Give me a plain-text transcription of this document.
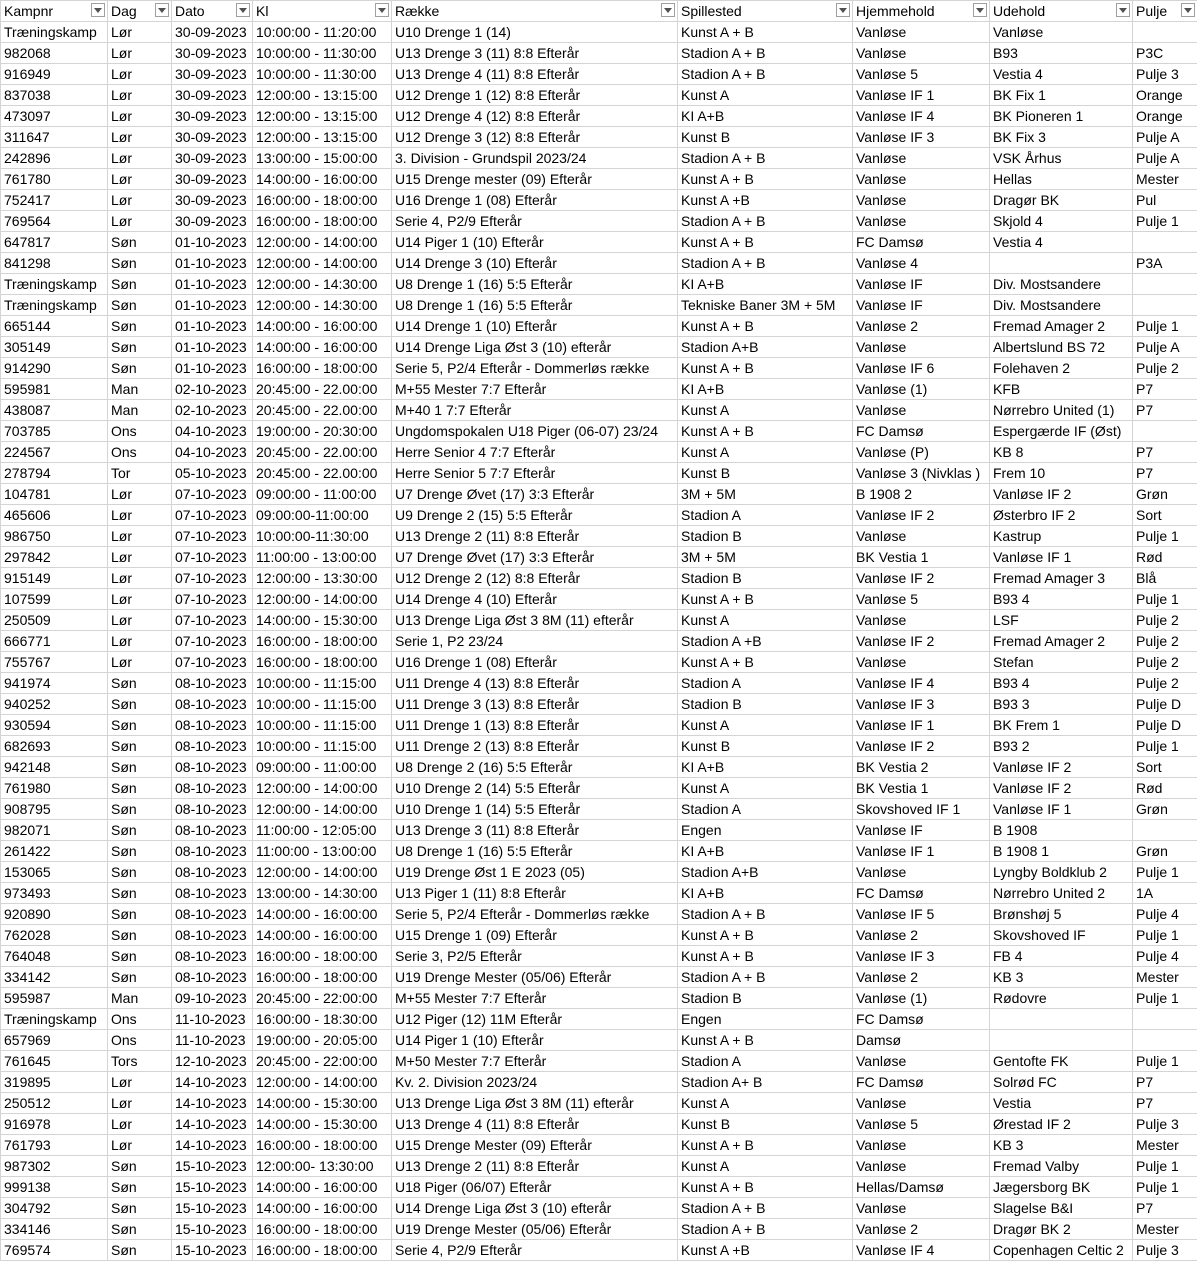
Kampnr	Dag	Dato	Kl	Række	Spillested	Hjemmehold	Udehold	Pulje

Træningskamp	Lør	30-09-2023	10:00:00 - 11:20:00	U10 Drenge 1 (14)	Kunst A + B	Vanløse	Vanløse	
982068	Lør	30-09-2023	10:00:00 - 11:30:00	U13 Drenge 3 (11) 8:8 Efterår	Stadion A + B	Vanløse	B93	P3C
916949	Lør	30-09-2023	10:00:00 - 11:30:00	U13 Drenge 4 (11) 8:8 Efterår	Stadion A + B	Vanløse 5	Vestia 4	Pulje 3
837038	Lør	30-09-2023	12:00:00 - 13:15:00	U12 Drenge 1 (12) 8:8 Efterår	Kunst A	Vanløse IF 1	BK Fix 1	Orange
473097	Lør	30-09-2023	12:00:00 - 13:15:00	U12 Drenge 4 (12) 8:8 Efterår	KI A+B	Vanløse IF 4	BK Pioneren 1	Orange
311647	Lør	30-09-2023	12:00:00 - 13:15:00	U12 Drenge 3 (12) 8:8 Efterår	Kunst B	Vanløse IF 3	BK Fix 3	Pulje A
242896	Lør	30-09-2023	13:00:00 - 15:00:00	3. Division - Grundspil 2023/24	Stadion A + B	Vanløse	VSK Århus	Pulje A
761780	Lør	30-09-2023	14:00:00 - 16:00:00	U15 Drenge mester (09) Efterår	Kunst A + B	Vanløse	Hellas	Mester
752417	Lør	30-09-2023	16:00:00 - 18:00:00	U16 Drenge 1 (08) Efterår	Kunst A +B	Vanløse	Dragør BK	Pul
769564	Lør	30-09-2023	16:00:00 - 18:00:00	Serie 4, P2/9 Efterår	Stadion A + B	Vanløse	Skjold 4	Pulje 1
647817	Søn	01-10-2023	12:00:00 - 14:00:00	U14 Piger 1 (10) Efterår	Kunst A + B	FC Damsø	Vestia 4	
841298	Søn	01-10-2023	12:00:00 - 14:00:00	U14 Drenge 3 (10) Efterår	Stadion A + B	Vanløse 4		P3A
Træningskamp	Søn	01-10-2023	12:00:00 - 14:30:00	U8 Drenge 1 (16) 5:5 Efterår	KI A+B	Vanløse IF	Div. Mostsandere	
Træningskamp	Søn	01-10-2023	12:00:00 - 14:30:00	U8 Drenge 1 (16) 5:5 Efterår	Tekniske Baner 3M + 5M	Vanløse IF	Div. Mostsandere	
665144	Søn	01-10-2023	14:00:00 - 16:00:00	U14 Drenge 1 (10) Efterår	Kunst A + B	Vanløse 2	Fremad Amager 2	Pulje 1
305149	Søn	01-10-2023	14:00:00 - 16:00:00	U14 Drenge Liga Øst 3 (10) efterår	Stadion A+B	Vanløse	Albertslund BS 72	Pulje A
914290	Søn	01-10-2023	16:00:00 - 18:00:00	Serie 5, P2/4 Efterår - Dommerløs række	Kunst A + B	Vanløse IF 6	Folehaven 2	Pulje 2
595981	Man	02-10-2023	20:45:00 - 22.00:00	M+55 Mester 7:7 Efterår	KI A+B	Vanløse (1)	KFB	P7
438087	Man	02-10-2023	20:45:00 - 22.00:00	M+40 1 7:7 Efterår	Kunst A	Vanløse	Nørrebro United (1)	P7
703785	Ons	04-10-2023	19:00:00 - 20:30:00	Ungdomspokalen U18 Piger (06-07) 23/24	Kunst A + B	FC Damsø	Espergærde IF (Øst)	
224567	Ons	04-10-2023	20:45:00 - 22.00:00	Herre Senior 4 7:7 Efterår	Kunst A	Vanløse (P)	KB 8	P7
278794	Tor	05-10-2023	20:45:00 - 22.00:00	Herre Senior 5 7:7 Efterår	Kunst B	Vanløse 3 (Nivklas )	Frem 10	P7
104781	Lør	07-10-2023	09:00:00 - 11:00:00	U7 Drenge Øvet (17) 3:3 Efterår	3M + 5M	B 1908 2	Vanløse IF 2	Grøn
465606	Lør	07-10-2023	09:00:00-11:00:00	U9 Drenge 2 (15) 5:5 Efterår	Stadion A	Vanløse IF 2	Østerbro IF 2	Sort
986750	Lør	07-10-2023	10:00:00-11:30:00	U13 Drenge 2 (11) 8:8 Efterår	Stadion B	Vanløse	Kastrup	Pulje 1
297842	Lør	07-10-2023	11:00:00 - 13:00:00	U7 Drenge Øvet (17) 3:3 Efterår	3M + 5M	BK Vestia 1	Vanløse IF 1	Rød
915149	Lør	07-10-2023	12:00:00 - 13:30:00	U12 Drenge 2 (12) 8:8 Efterår	Stadion B	Vanløse IF 2	Fremad Amager 3	Blå
107599	Lør	07-10-2023	12:00:00 - 14:00:00	U14 Drenge 4 (10) Efterår	Kunst A + B	Vanløse 5	B93 4	Pulje 1
250509	Lør	07-10-2023	14:00:00 - 15:30:00	U13 Drenge Liga Øst 3 8M (11) efterår	Kunst A	Vanløse	LSF	Pulje 2
666771	Lør	07-10-2023	16:00:00 - 18:00:00	Serie 1, P2 23/24	Stadion A +B	Vanløse IF 2	Fremad Amager 2	Pulje 2
755767	Lør	07-10-2023	16:00:00 - 18:00:00	U16 Drenge 1 (08) Efterår	Kunst A + B	Vanløse	Stefan	Pulje 2
941974	Søn	08-10-2023	10:00:00 - 11:15:00	U11 Drenge 4 (13) 8:8 Efterår	Stadion A	Vanløse IF 4	B93 4	Pulje 2
940252	Søn	08-10-2023	10:00:00 - 11:15:00	U11 Drenge 3 (13) 8:8 Efterår	Stadion B	Vanløse IF 3	B93 3	Pulje D
930594	Søn	08-10-2023	10:00:00 - 11:15:00	U11 Drenge 1 (13) 8:8 Efterår	Kunst A	Vanløse IF 1	BK Frem 1	Pulje D
682693	Søn	08-10-2023	10:00:00 - 11:15:00	U11 Drenge 2 (13) 8:8 Efterår	Kunst B	Vanløse IF 2	B93 2	Pulje 1
942148	Søn	08-10-2023	09:00:00 - 11:00:00	U8 Drenge 2 (16) 5:5 Efterår	KI A+B	BK Vestia 2	Vanløse IF 2	Sort
761980	Søn	08-10-2023	12:00:00 - 14:00:00	U10 Drenge 2 (14) 5:5 Efterår	Kunst A	BK Vestia 1	Vanløse IF 2	Rød
908795	Søn	08-10-2023	12:00:00 - 14:00:00	U10 Drenge 1 (14) 5:5 Efterår	Stadion A	Skovshoved IF 1	Vanløse IF 1	Grøn
982071	Søn	08-10-2023	11:00:00 - 12:05:00	U13 Drenge 3 (11) 8:8 Efterår	Engen	Vanløse IF	B 1908	
261422	Søn	08-10-2023	11:00:00 - 13:00:00	U8 Drenge 1 (16) 5:5 Efterår	KI A+B	Vanløse IF 1	B 1908 1	Grøn
153065	Søn	08-10-2023	12:00:00 - 14:00:00	U19 Drenge Øst 1 E 2023 (05)	Stadion A+B	Vanløse	Lyngby Boldklub 2	Pulje 1
973493	Søn	08-10-2023	13:00:00 - 14:30:00	U13 Piger 1 (11) 8:8 Efterår	KI A+B	FC Damsø	Nørrebro United 2	1A
920890	Søn	08-10-2023	14:00:00 - 16:00:00	Serie 5, P2/4 Efterår - Dommerløs række	Stadion A + B	Vanløse IF 5	Brønshøj 5	Pulje 4
762028	Søn	08-10-2023	14:00:00 - 16:00:00	U15 Drenge 1 (09) Efterår	Kunst A + B	Vanløse 2	Skovshoved IF	Pulje 1
764048	Søn	08-10-2023	16:00:00 - 18:00:00	Serie 3, P2/5 Efterår	Kunst A + B	Vanløse IF 3	FB 4	Pulje 4
334142	Søn	08-10-2023	16:00:00 - 18:00:00	U19 Drenge Mester (05/06) Efterår	Stadion A + B	Vanløse 2	KB 3	Mester
595987	Man	09-10-2023	20:45:00 - 22:00:00	M+55 Mester 7:7 Efterår	Stadion B	Vanløse (1)	Rødovre	Pulje 1
Træningskamp	Ons	11-10-2023	16:00:00 - 18:30:00	U12 Piger (12) 11M Efterår	Engen	FC Damsø		
657969	Ons	11-10-2023	19:00:00 - 20:05:00	U14 Piger 1 (10) Efterår	Kunst A + B	Damsø		
761645	Tors	12-10-2023	20:45:00 - 22:00:00	M+50 Mester 7:7 Efterår	Stadion A	Vanløse	Gentofte FK	Pulje 1
319895	Lør	14-10-2023	12:00:00 - 14:00:00	Kv. 2. Division 2023/24	Stadion A+ B	FC Damsø	Solrød FC	P7
250512	Lør	14-10-2023	14:00:00 - 15:30:00	U13 Drenge Liga Øst 3 8M (11) efterår	Kunst A	Vanløse	Vestia	P7
916978	Lør	14-10-2023	14:00:00 - 15:30:00	U13 Drenge 4 (11) 8:8 Efterår	Kunst B	Vanløse 5	Ørestad IF 2	Pulje 3
761793	Lør	14-10-2023	16:00:00 - 18:00:00	U15 Drenge Mester (09) Efterår	Kunst A + B	Vanløse	KB 3	Mester
987302	Søn	15-10-2023	12:00:00- 13:30:00	U13 Drenge 2 (11) 8:8 Efterår	Kunst A	Vanløse	Fremad Valby	Pulje 1
999138	Søn	15-10-2023	14:00:00 - 16:00:00	U18 Piger (06/07) Efterår	Kunst A + B	Hellas/Damsø	Jægersborg BK	Pulje 1
304792	Søn	15-10-2023	14:00:00 - 16:00:00	U14 Drenge Liga Øst 3 (10) efterår	Stadion A + B	Vanløse	Slagelse B&I	P7
334146	Søn	15-10-2023	16:00:00 - 18:00:00	U19 Drenge Mester (05/06) Efterår	Stadion A + B	Vanløse 2	Dragør BK 2	Mester
769574	Søn	15-10-2023	16:00:00 - 18:00:00	Serie 4, P2/9 Efterår	Kunst A +B	Vanløse IF 4	Copenhagen Celtic 2	Pulje 3
